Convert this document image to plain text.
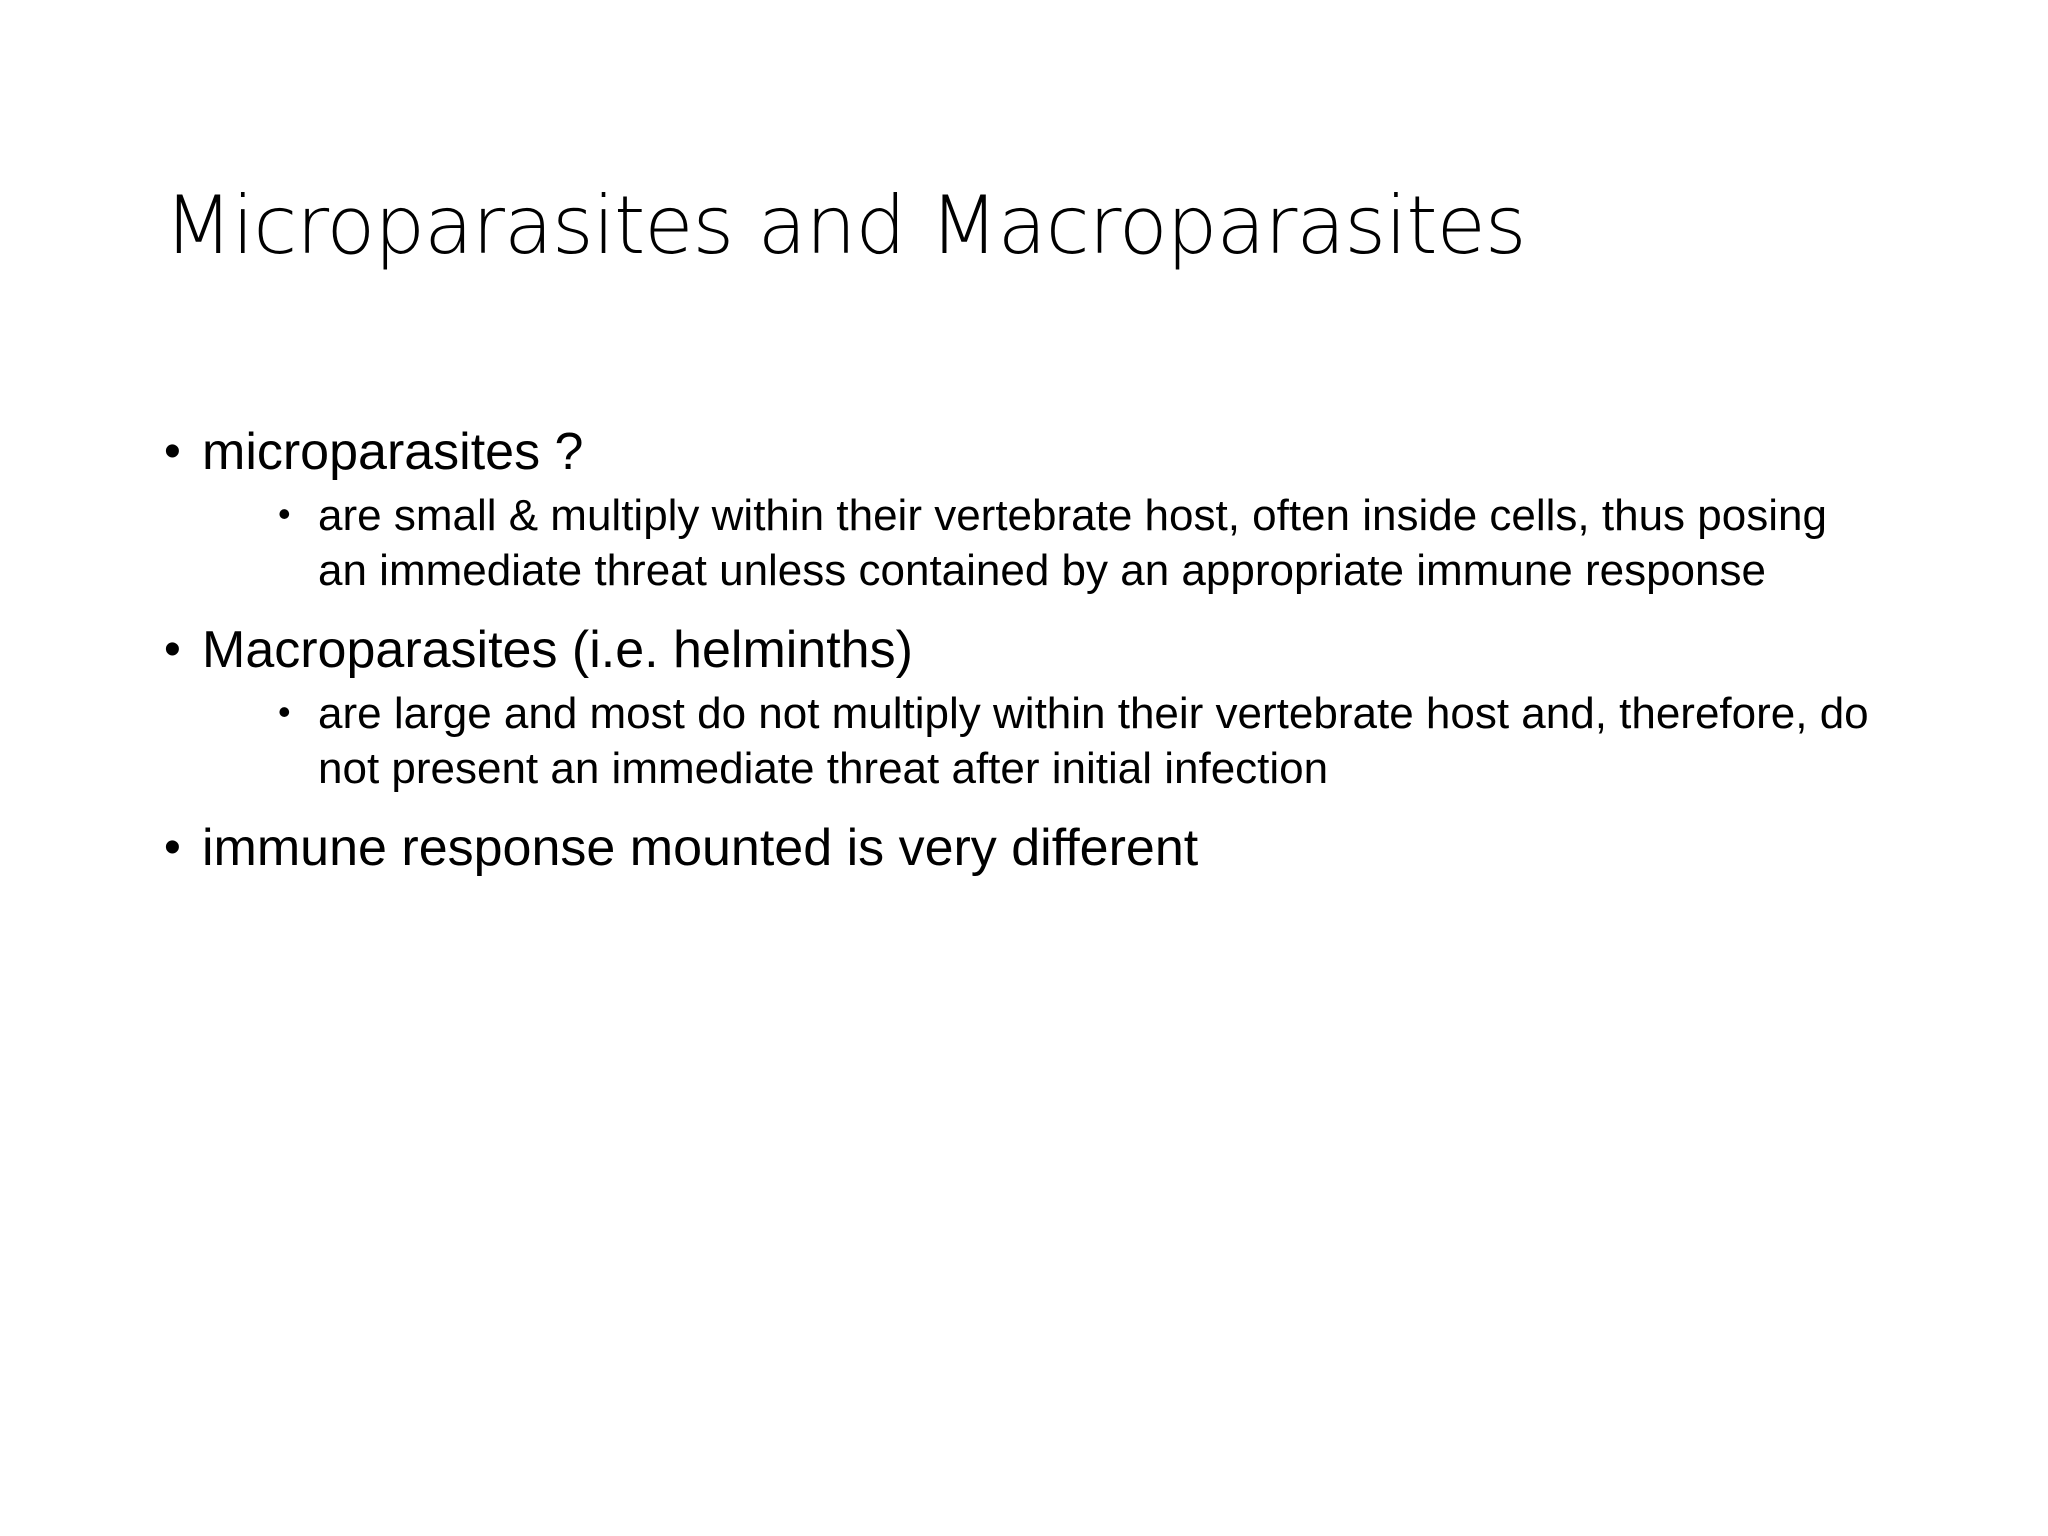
Microparasites and Macroparasites
• microparasites ?
• are small & multiply within their vertebrate host, often inside cells, thus posing an immediate threat unless contained by an appropriate immune response
• Macroparasites (i.e. helminths)
• are large and most do not multiply within their vertebrate host and, therefore, do not present an immediate threat after initial infection
• immune response mounted is very different
